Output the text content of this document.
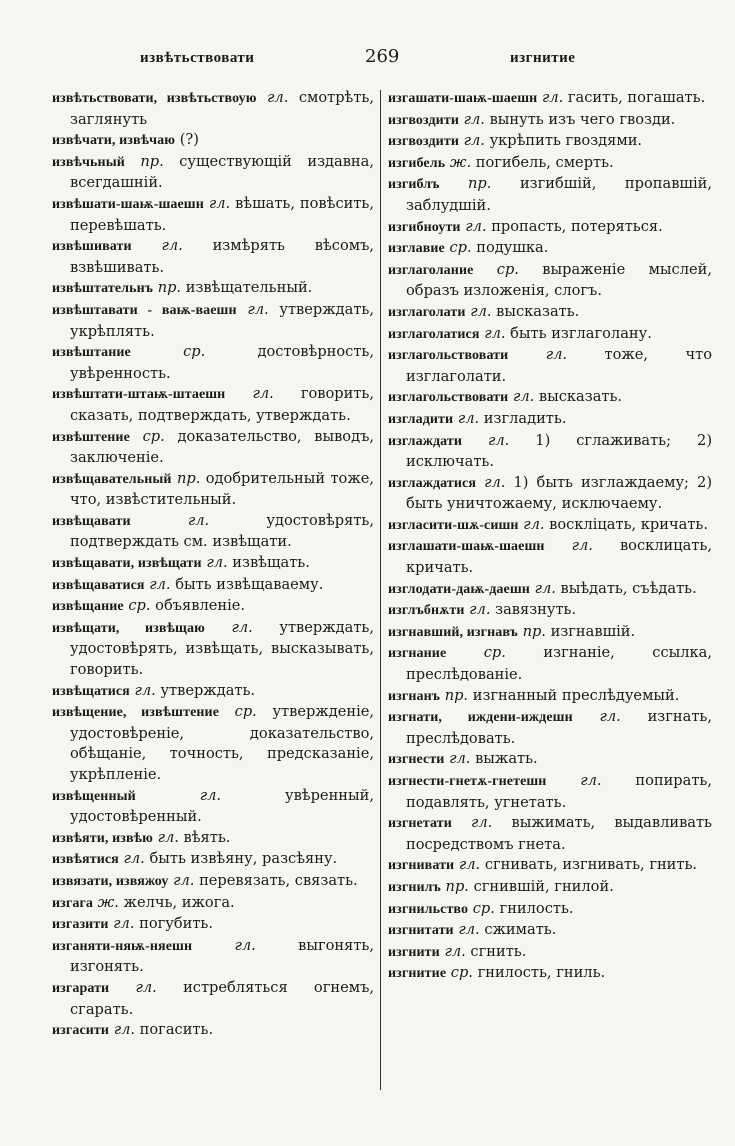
извѣтьствовати	269	изгнитие
извѣтьствовати, извѣтьствоую гл. смотрѣть, заглянуть
извѣчати, извѣчаю (?)
извѣчьный пр. существующій издавна, всегдашній.
извѣшати-шаѭ-шаешн гл. вѣшать, повѣсить, перевѣшать.
извѣшивати гл. измѣрять вѣсомъ, взвѣшивать.
извѣштательнъ пр. извѣщательный.
извѣштавати - ваѭ-ваешн гл. утверждать, укрѣплять.
извѣштание	ср.	достовѣрность, увѣренность.
извѣштати-штаѭ-штаешн гл. говорить, сказать, подтверждать, утверждать.
извѣштение ср. доказательство, выводъ, заключеніе.
извѣщавательный пр. одобрительный тоже, что, извѣстительный.
извѣщавати	гл.	удостовѣрять, подтверждать см. извѣщати.
извѣщавати, извѣщати гл. извѣщать.
извѣщаватися гл. быть извѣщаваему.
извѣщание ср. объявленіе.
извѣщати, извѣщаю гл. утверждать, удостовѣрять, извѣщать, высказывать, говорить.
извѣщатися гл. утверждать.
извѣщение, извѣштение ср. утвержденіе, удостовѣреніе, доказательство, обѣщаніе, точность, предсказаніе, укрѣпленіе.
извѣщенный	гл.	увѣренный, удостовѣренный.
извѣяти, извѣю гл. вѣять.
извѣятися гл. быть извѣяну, разсѣяну.
извязати, извяжоу гл. перевязать, связать.
изгага ж. желчь, ижога.
изгазити гл. погубить.
изганяти-няѭ-няешн	гл.	выгонять, изгонять.
изгарати гл. истребляться огнемъ, сгарать.
изгасити гл. погасить.
изгашати-шаѭ-шаешн гл. гасить, погашать.
изгвоздити гл. вынуть изъ чего гвозди.
изгвоздити гл. укрѣпить гвоздями.
изгибель ж. погибель, смерть.
изгиблъ пр. изгибшій, пропавшій, заблудшій.
изгибноути гл. пропасть, потеряться.
изглавие ср. подушка.
изглаголание ср. выраженіе мыслей, образъ изложенія, слогъ.
изглаголати гл. высказать.
изглаголатися гл. быть изглаголану.
изглагольствовати	гл.	тоже, что изглаголати.
изглагольствовати гл. высказать.
изгладити гл. изгладить.
изглаждати гл. 1) сглаживать; 2) исключать.
изглаждатися гл. 1) быть изглаждаему; 2) быть уничтожаему, исключаему.
изгласити-шѫ-сишн гл. воскліцать, кричать.
изглашати-шаѭ-шаешн гл. восклицать, кричать.
изглодати-даѭ-даешн гл. выѣдать, съѣдать.
изглъбнѫти гл. завязнуть.
изгнавший, изгнавъ пр. изгнавшій.
изгнание	ср.	изгнаніе, ссылка, преслѣдованіе.
изгнанъ пр. изгнанный преслѣдуемый.
изгнати, иждени-иждешн гл. изгнать, преслѣдовать.
изгнести гл. выжать.
изгнести-гнетѫ-гнетешн гл. попирать, подавлять, угнетать.
изгнетати гл. выжимать, выдавливать посредствомъ гнета.
изгнивати гл. сгнивать, изгнивать, гнить.
изгнилъ пр. сгнившій, гнилой.
изгнильство ср. гнилость.
изгнитати гл. сжимать.
изгнити гл. сгнить.
изгнитие ср. гнилость, гниль.
